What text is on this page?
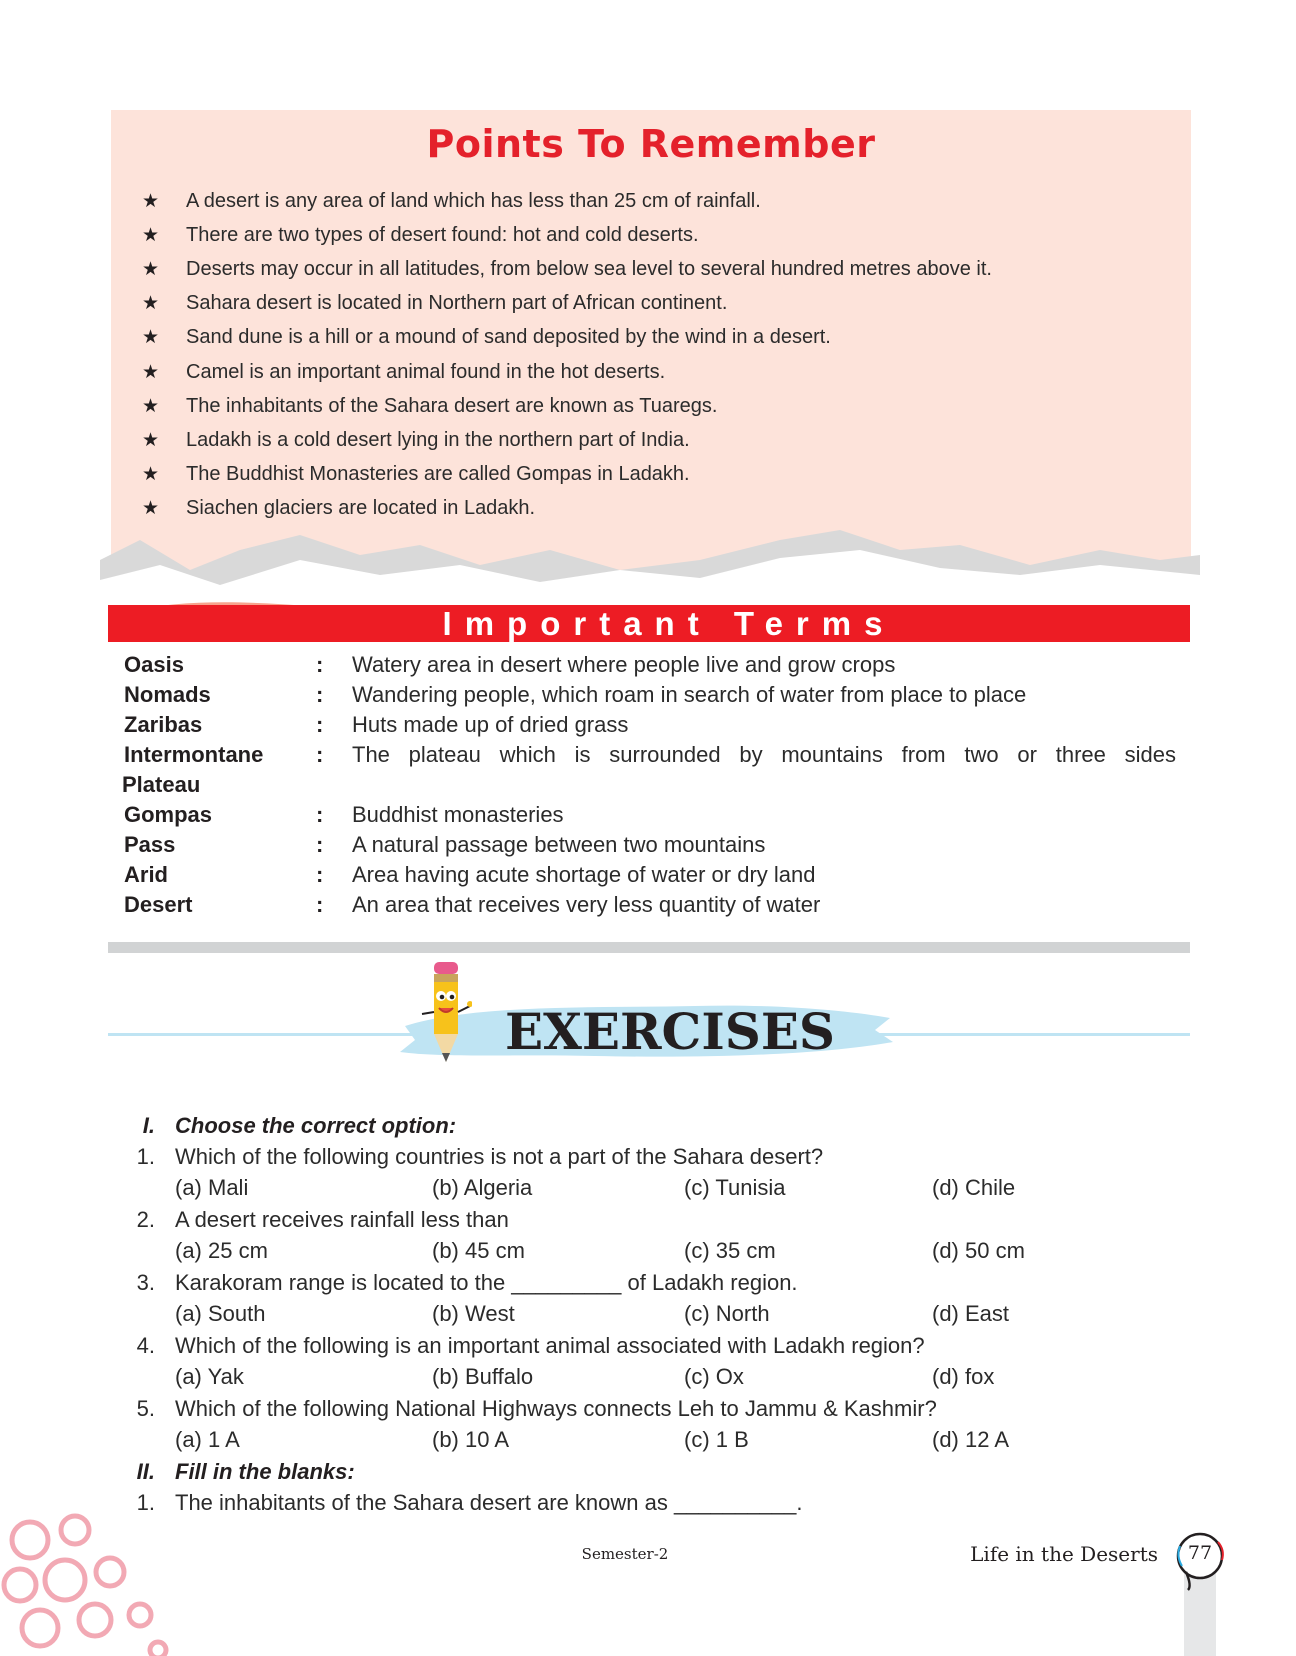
Points To Remember
★	A desert is any area of land which has less than 25 cm of rainfall.
★	There are two types of desert found: hot and cold deserts.
★	Deserts may occur in all latitudes, from below sea level to several hundred metres above it.
★	Sahara desert is located in Northern part of African continent.
★	Sand dune is a hill or a mound of sand deposited by the wind in a desert.
★	Camel is an important animal found in the hot deserts.
★	The inhabitants of the Sahara desert are known as Tuaregs.
★	Ladakh is a cold desert lying in the northern part of India.
★	The Buddhist Monasteries are called Gompas in Ladakh.
★	Siachen glaciers are located in Ladakh.
Important Terms
Oasis	:	Watery area in desert where people live and grow crops
Nomads	:	Wandering people, which roam in search of water from place to place
Zaribas	:	Huts made up of dried grass
Intermontane	:	The plateau which is surrounded by mountains from two or three sides
Plateau
Gompas	:	Buddhist monasteries
Pass	:	A natural passage between two mountains
Arid	:	Area having acute shortage of water or dry land
Desert	:	An area that receives very less quantity of water
EXERCISES
I. Choose the correct option:
1. Which of the following countries is not a part of the Sahara desert?
(a) Mali	(b) Algeria	(c) Tunisia	(d) Chile
2. A desert receives rainfall less than
(a) 25 cm	(b) 45 cm	(c) 35 cm	(d) 50 cm
3. Karakoram range is located to the _________ of Ladakh region.
(a) South	(b) West	(c) North	(d) East
4. Which of the following is an important animal associated with Ladakh region?
(a) Yak	(b) Buffalo	(c) Ox	(d) fox
5. Which of the following National Highways connects Leh to Jammu & Kashmir?
(a) 1 A	(b) 10 A	(c) 1 B	(d) 12 A
II. Fill in the blanks:
1. The inhabitants of the Sahara desert are known as __________.
Semester-2	Life in the Deserts	77
